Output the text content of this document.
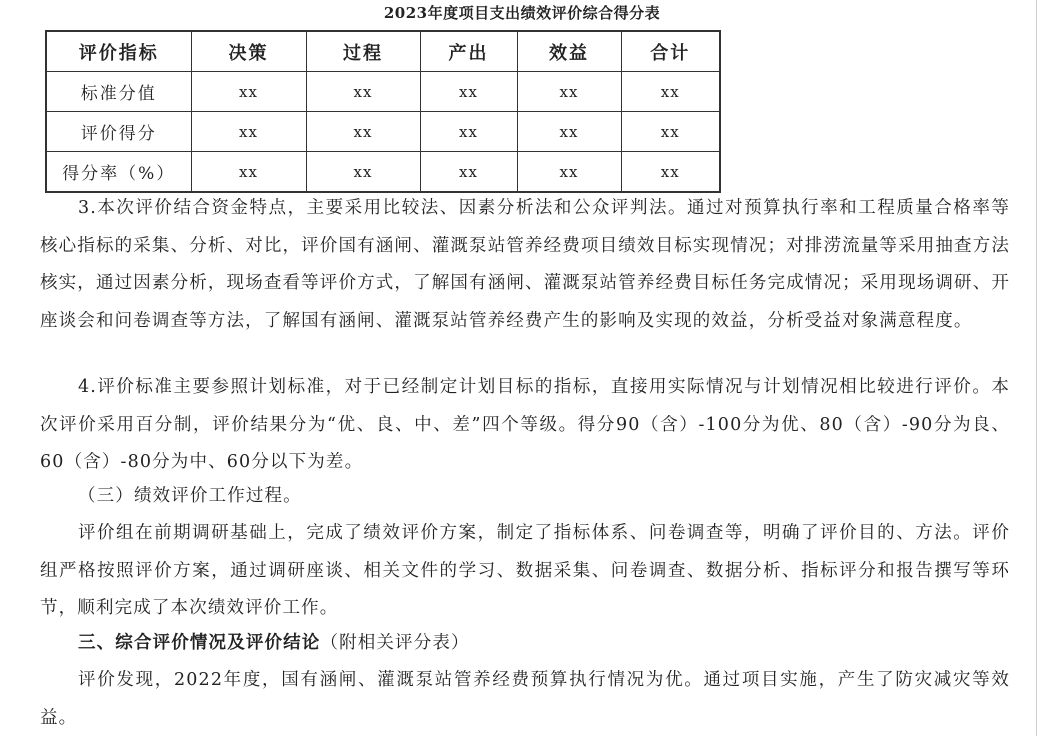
2023年度项目支出绩效评价综合得分表
评价指标	决策	过程	产出	效益	合计
标准分值	xx	xx	xx	xx	xx
评价得分	xx	xx	xx	xx	xx
得分率（%）	xx	xx	xx	xx	xx

3.本次评价结合资金特点，主要采用比较法、因素分析法和公众评判法。通过对预算执行率和工程质量合格率等核心指标的采集、分析、对比，评价国有涵闸、灌溉泵站管养经费项目绩效目标实现情况；对排涝流量等采用抽查方法核实，通过因素分析，现场查看等评价方式，了解国有涵闸、灌溉泵站管养经费目标任务完成情况；采用现场调研、开座谈会和问卷调查等方法，了解国有涵闸、灌溉泵站管养经费产生的影响及实现的效益，分析受益对象满意程度。

4.评价标准主要参照计划标准，对于已经制定计划目标的指标，直接用实际情况与计划情况相比较进行评价。本次评价采用百分制，评价结果分为“优、良、中、差”四个等级。得分90（含）-100分为优、80（含）-90分为良、60（含）-80分为中、60分以下为差。

（三）绩效评价工作过程。

评价组在前期调研基础上，完成了绩效评价方案，制定了指标体系、问卷调查等，明确了评价目的、方法。评价组严格按照评价方案，通过调研座谈、相关文件的学习、数据采集、问卷调查、数据分析、指标评分和报告撰写等环节，顺利完成了本次绩效评价工作。

三、综合评价情况及评价结论（附相关评分表）

评价发现，2022年度，国有涵闸、灌溉泵站管养经费预算执行情况为优。通过项目实施，产生了防灾减灾等效益。
